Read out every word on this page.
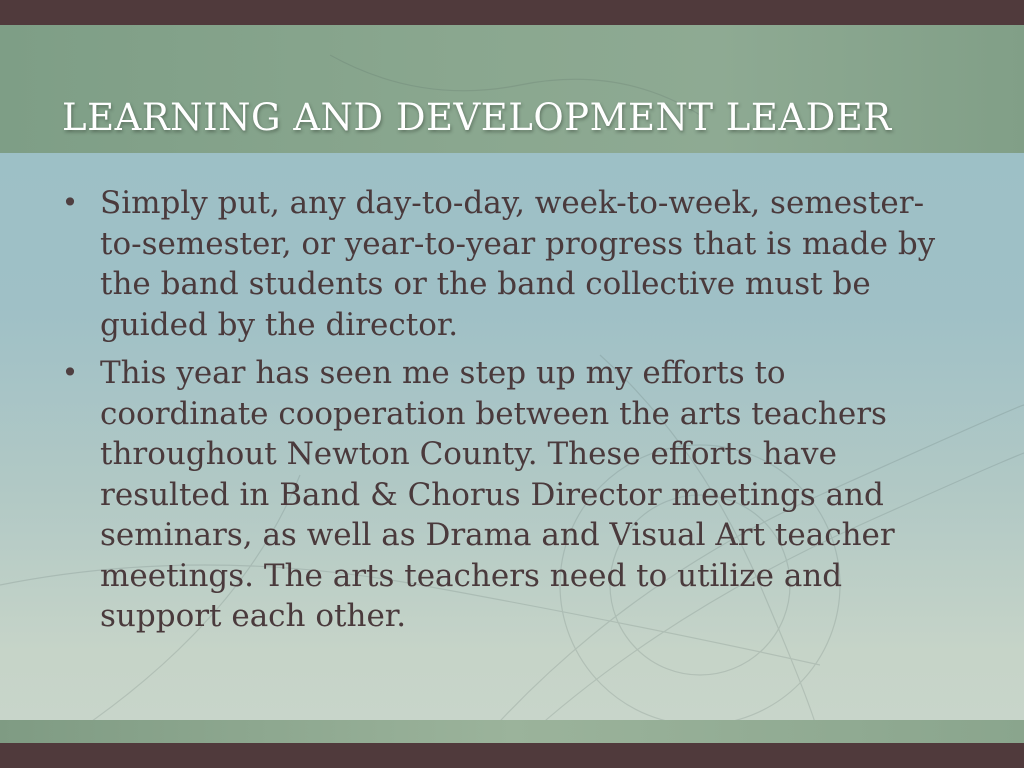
LEARNING AND DEVELOPMENT LEADER
• Simply put, any day-to-day, week-to-week, semester-to-semester, or year-to-year progress that is made by the band students or the band collective must be guided by the director.
• This year has seen me step up my efforts to coordinate cooperation between the arts teachers throughout Newton County. These efforts have resulted in Band & Chorus Director meetings and seminars, as well as Drama and Visual Art teacher meetings. The arts teachers need to utilize and support each other.
